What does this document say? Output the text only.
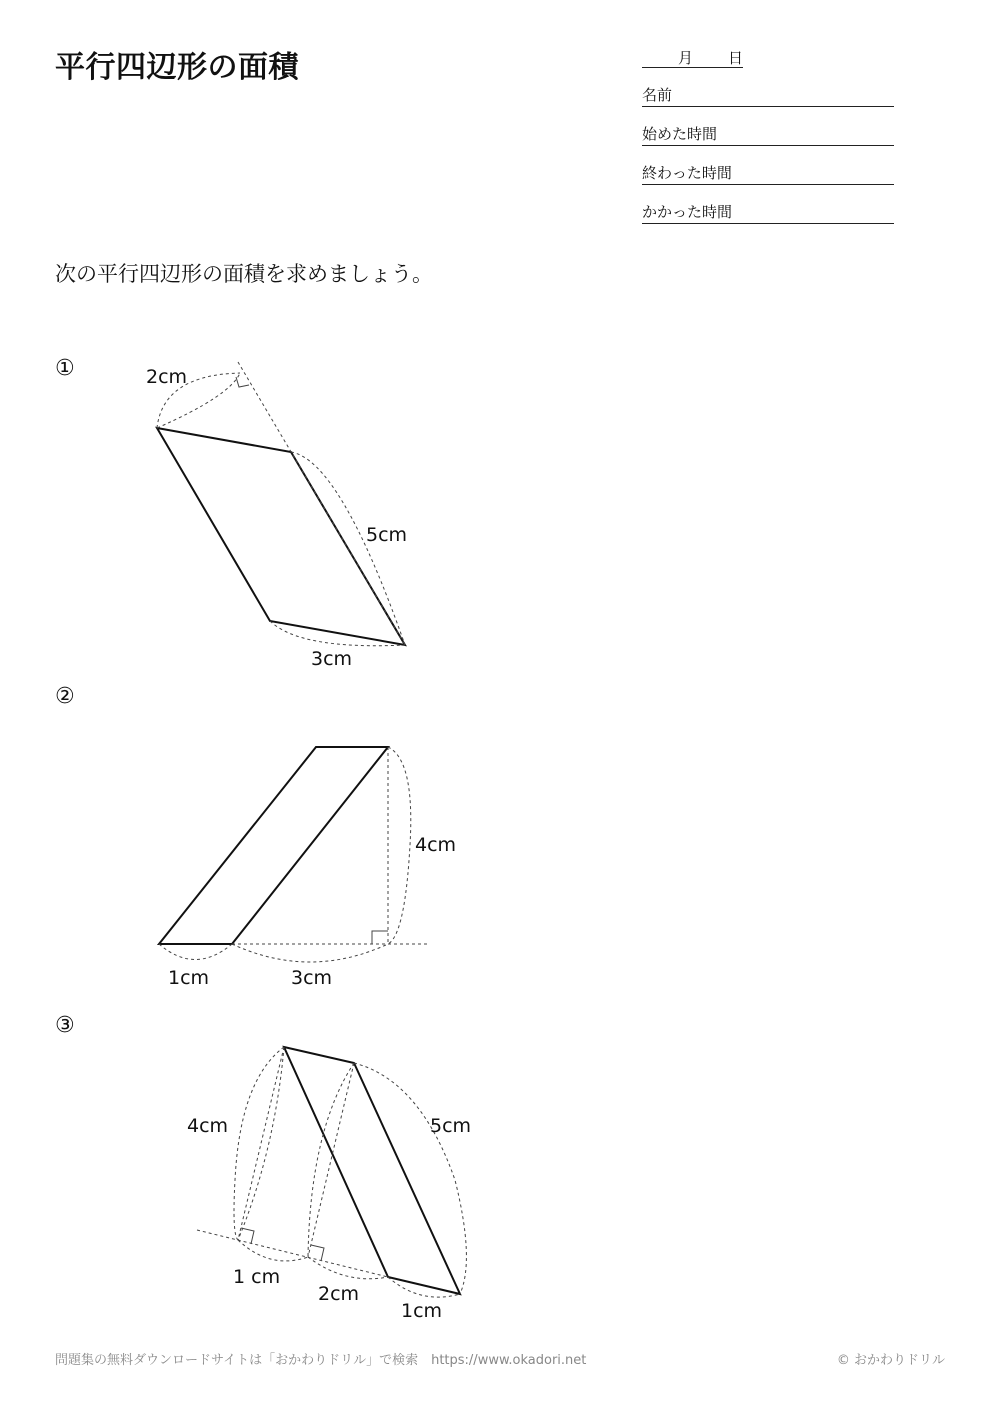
平行四辺形の面積	月 日
名前
始めた時間
終わった時間
かかった時間
次の平行四辺形の面積を求めましょう。
①
②
③
2cm
5cm
3cm
4cm
1cm	3cm
4cm	5cm
1 cm
2cm
1cm
問題集の無料ダウンロードサイトは「おかわりドリル」で検索　https://www.okadori.net	© おかわりドリル
